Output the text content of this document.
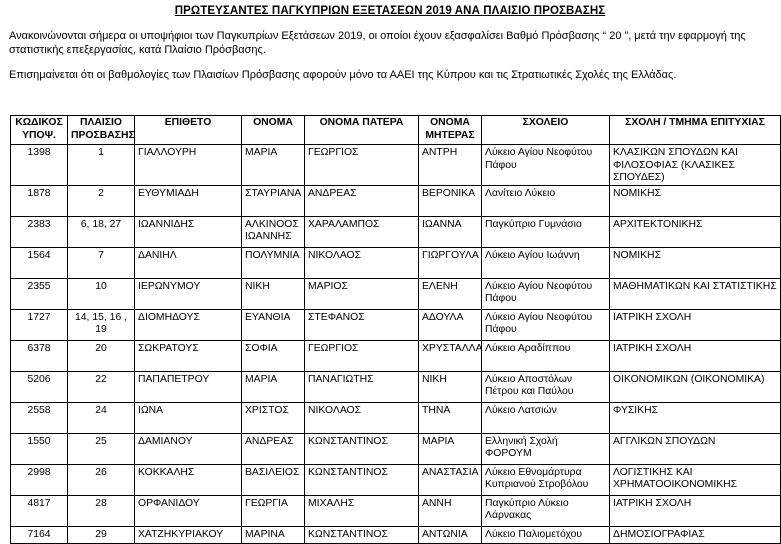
ΠΡΩΤΕΥΣΑΝΤΕΣ ΠΑΓΚΥΠΡΙΩΝ ΕΞΕΤΑΣΕΩΝ 2019 ΑΝΑ ΠΛΑΙΣΙΟ ΠΡΟΣΒΑΣΗΣ
Ανακοινώνονται σήμερα οι υποψήφιοι των Παγκυπρίων Εξετάσεων 2019, οι οποίοι έχουν εξασφαλίσει Βαθμό Πρόσβασης “ 20 ”, μετά την εφαρμογή της στατιστικής επεξεργασίας, κατά Πλαίσιο Πρόσβασης.
Επισημαίνεται ότι οι βαθμολογίες των Πλαισίων Πρόσβασης αφορούν μόνο τα ΑΑΕΙ της Κύπρου και τις Στρατιωτικές Σχολές της Ελλάδας.
ΚΩΔΙΚΟΣ ΥΠΟΨ.	ΠΛΑΙΣΙΟ ΠΡΟΣΒΑΣΗΣ	ΕΠΙΘΕΤΟ	ΟΝΟΜΑ	ΟΝΟΜΑ ΠΑΤΕΡΑ	ΟΝΟΜΑ ΜΗΤΕΡΑΣ	ΣΧΟΛΕΙΟ	ΣΧΟΛΗ / ΤΜΗΜΑ ΕΠΙΤΥΧΙΑΣ
1398	1	ΓΙΑΛΛΟΥΡΗ	ΜΑΡΙΑ	ΓΕΩΡΓΙΟΣ	ΑΝΤΡΗ	Λύκειο Αγίου Νεοφύτου Πάφου	ΚΛΑΣΙΚΩΝ ΣΠΟΥΔΩΝ ΚΑΙ ΦΙΛΟΣΟΦΙΑΣ (ΚΛΑΣΙΚΕΣ ΣΠΟΥΔΕΣ)
1878	2	ΕΥΘΥΜΙΑΔΗ	ΣΤΑΥΡΙΑΝΑ	ΑΝΔΡΕΑΣ	ΒΕΡΟΝΙΚΑ	Λανίτειο Λύκειο	ΝΟΜΙΚΗΣ
2383	6, 18, 27	ΙΩΑΝΝΙΔΗΣ	ΑΛΚΙΝΟΟΣ ΙΩΑΝΝΗΣ	ΧΑΡΑΛΑΜΠΟΣ	ΙΩΑΝΝΑ	Παγκύπριο Γυμνάσιο	ΑΡΧΙΤΕΚΤΟΝΙΚΗΣ
1564	7	ΔΑΝΙΗΛ	ΠΟΛΥΜΝΙΑ	ΝΙΚΟΛΑΟΣ	ΓΙΩΡΓΟΥΛΑ	Λύκειο Αγίου Ιωάννη	ΝΟΜΙΚΗΣ
2355	10	ΙΕΡΩΝΥΜΟΥ	ΝΙΚΗ	ΜΑΡΙΟΣ	ΕΛΕΝΗ	Λύκειο Αγίου Νεοφύτου Πάφου	ΜΑΘΗΜΑΤΙΚΩΝ ΚΑΙ ΣΤΑΤΙΣΤΙΚΗΣ
1727	14, 15, 16 , 19	ΔΙΟΜΗΔΟΥΣ	ΕΥΑΝΘΙΑ	ΣΤΕΦΑΝΟΣ	ΑΔΟΥΛΑ	Λύκειο Αγίου Νεοφύτου Πάφου	ΙΑΤΡΙΚΗ ΣΧΟΛΗ
6378	20	ΣΩΚΡΑΤΟΥΣ	ΣΟΦΙΑ	ΓΕΩΡΓΙΟΣ	ΧΡΥΣΤΑΛΛΑ	Λύκειο Αραδίππου	ΙΑΤΡΙΚΗ ΣΧΟΛΗ
5206	22	ΠΑΠΑΠΕΤΡΟΥ	ΜΑΡΙΑ	ΠΑΝΑΓΙΩΤΗΣ	ΝΙΚΗ	Λύκειο Αποστόλων Πέτρου και Παύλου	ΟΙΚΟΝΟΜΙΚΩΝ (ΟΙΚΟΝΟΜΙΚΑ)
2558	24	ΙΩΝΑ	ΧΡΙΣΤΟΣ	ΝΙΚΟΛΑΟΣ	ΤΗΝΑ	Λύκειο Λατσιών	ΦΥΣΙΚΗΣ
1550	25	ΔΑΜΙΑΝΟΥ	ΑΝΔΡΕΑΣ	ΚΩΝΣΤΑΝΤΙΝΟΣ	ΜΑΡΙΑ	Ελληνική Σχολή ΦΟΡΟΥΜ	ΑΓΓΛΙΚΩΝ ΣΠΟΥΔΩΝ
2998	26	ΚΟΚΚΑΛΗΣ	ΒΑΣΙΛΕΙΟΣ	ΚΩΝΣΤΑΝΤΙΝΟΣ	ΑΝΑΣΤΑΣΙΑ	Λύκειο Εθνομάρτυρα Κυπριανού Στροβόλου	ΛΟΓΙΣΤΙΚΗΣ ΚΑΙ ΧΡΗΜΑΤΟΟΙΚΟΝΟΜΙΚΗΣ
4817	28	ΟΡΦΑΝΙΔΟΥ	ΓΕΩΡΓΙΑ	ΜΙΧΑΛΗΣ	ΑΝΝΗ	Παγκύπριο Λύκειο Λάρνακας	ΙΑΤΡΙΚΗ ΣΧΟΛΗ
7164	29	ΧΑΤΖΗΚΥΡΙΑΚΟΥ	ΜΑΡΙΝΑ	ΚΩΝΣΤΑΝΤΙΝΟΣ	ΑΝΤΩΝΙΑ	Λύκειο Παλιομετόχου	ΔΗΜΟΣΙΟΓΡΑΦΙΑΣ
